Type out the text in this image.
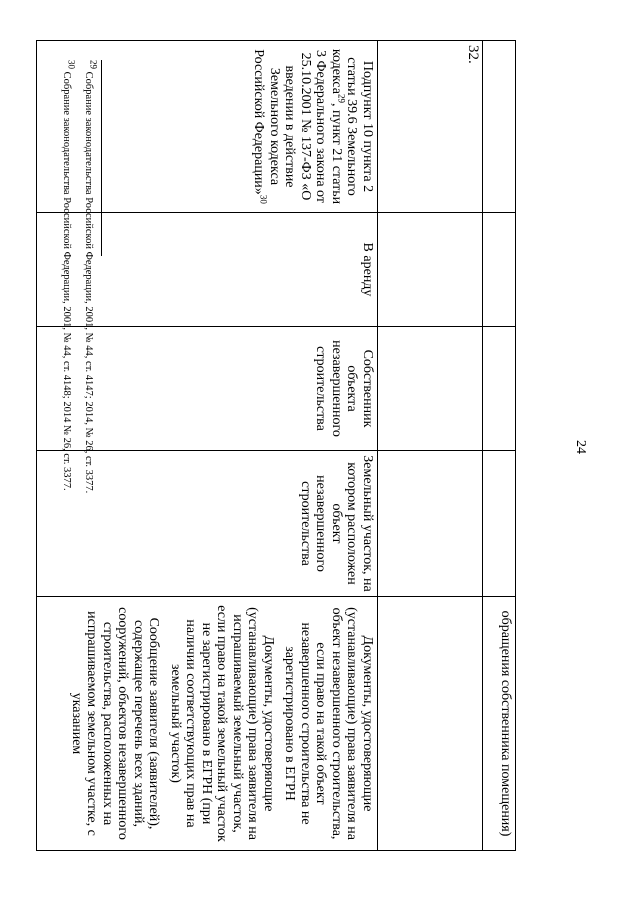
24
				обращения собственника помещения)
32.				
Подпункт 10 пункта 2 статьи 39.6 Земельного кодекса$^{29}$, пункт 21 статьи 3 Федерального закона от 25.10.2001 № 137-ФЗ «О введении в действие Земельного кодекса Российской Федерации»$^{30}$	В аренду	Собственник объекта незавершенного строительства	Земельный участок, на котором расположен объект незавершенного строительства	Документы, удостоверяющие (устанавливающие) права заявителя на объект незавершенного строительства, если право на такой объект незавершенного строительства не зарегистрировано в ЕГРН

Документы, удостоверяющие (устанавливающие) права заявителя на испрашиваемый земельный участок, если право на такой земельный участок не зарегистрировано в ЕГРН (при наличии соответствующих прав на земельный участок)

Сообщение заявителя (заявителей), содержащее перечень всех зданий, сооружений, объектов незавершенного строительства, расположенных на испрашиваемом земельном участке, с указанием

$^{29}$ Собрание законодательства Российской Федерации, 2001, № 44, ст. 4147; 2014, № 26, ст. 3377.
$^{30}$ Собрание законодательства Российской Федерации, 2001, № 44, ст. 4148; 2014 № 26, ст. 3377.
